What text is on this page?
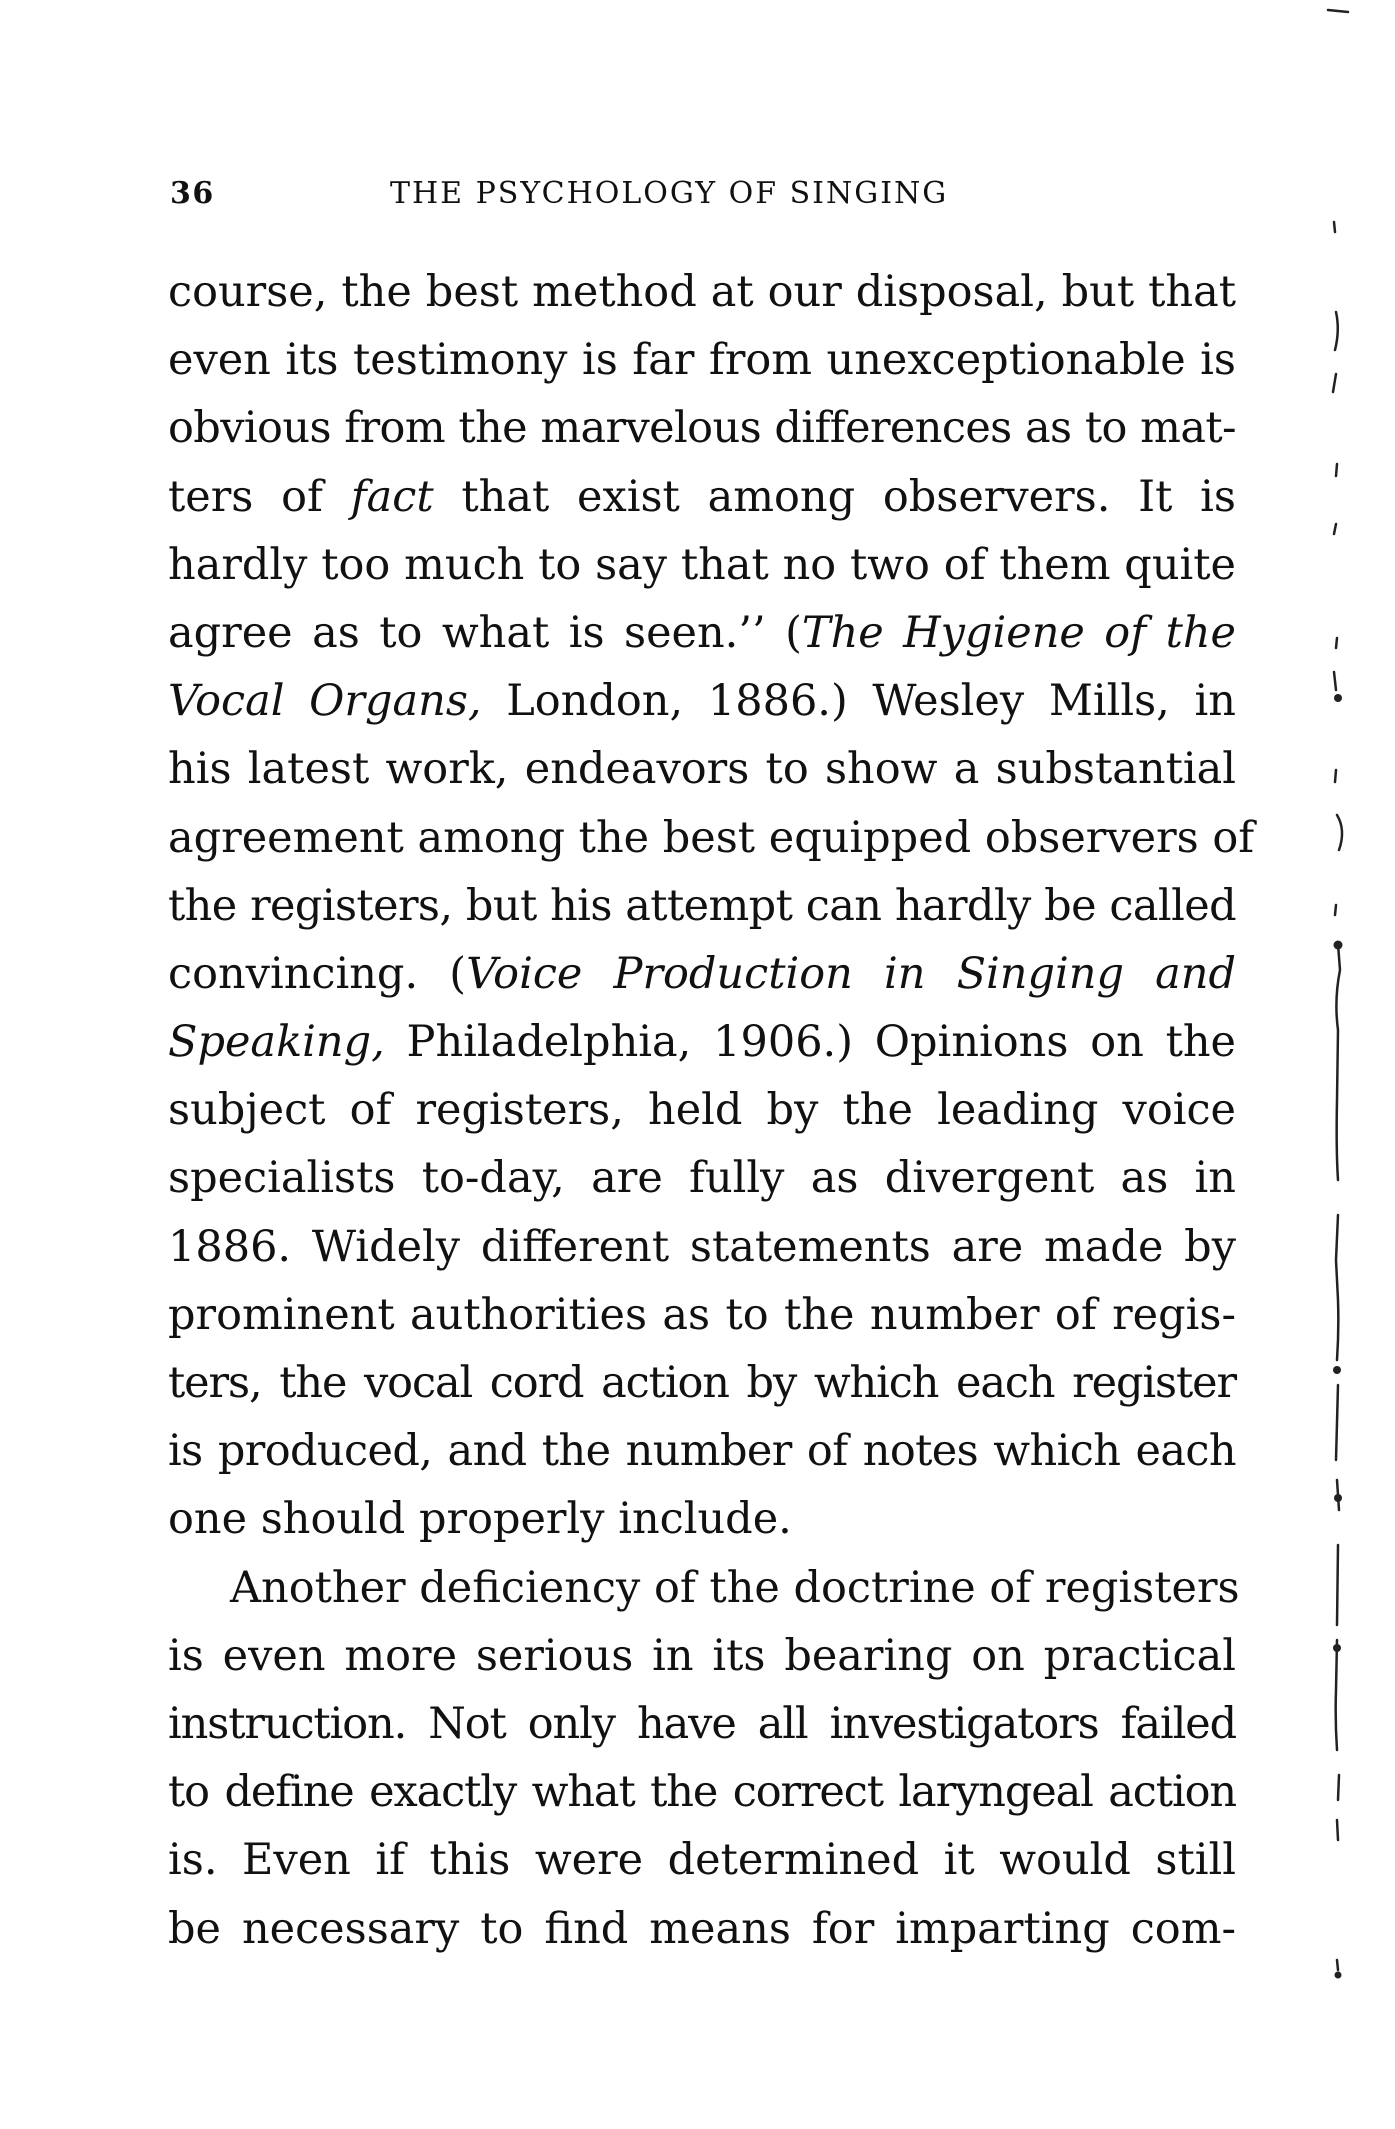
36	THE PSYCHOLOGY OF SINGING
course, the best method at our disposal, but that
even its testimony is far from unexceptionable is
obvious from the marvelous differences as to mat-
ters of fact that exist among observers. It is
hardly too much to say that no two of them quite
agree as to what is seen.’’ (The Hygiene of the
Vocal Organs, London, 1886.) Wesley Mills, in
his latest work, endeavors to show a substantial
agreement among the best equipped observers of
the registers, but his attempt can hardly be called
convincing. (Voice Production in Singing and
Speaking, Philadelphia, 1906.) Opinions on the
subject of registers, held by the leading voice
specialists to-day, are fully as divergent as in
1886. Widely different statements are made by
prominent authorities as to the number of regis-
ters, the vocal cord action by which each register
is produced, and the number of notes which each
one should properly include.
Another deficiency of the doctrine of registers
is even more serious in its bearing on practical
instruction. Not only have all investigators failed
to define exactly what the correct laryngeal action
is. Even if this were determined it would still
be necessary to find means for imparting com-
